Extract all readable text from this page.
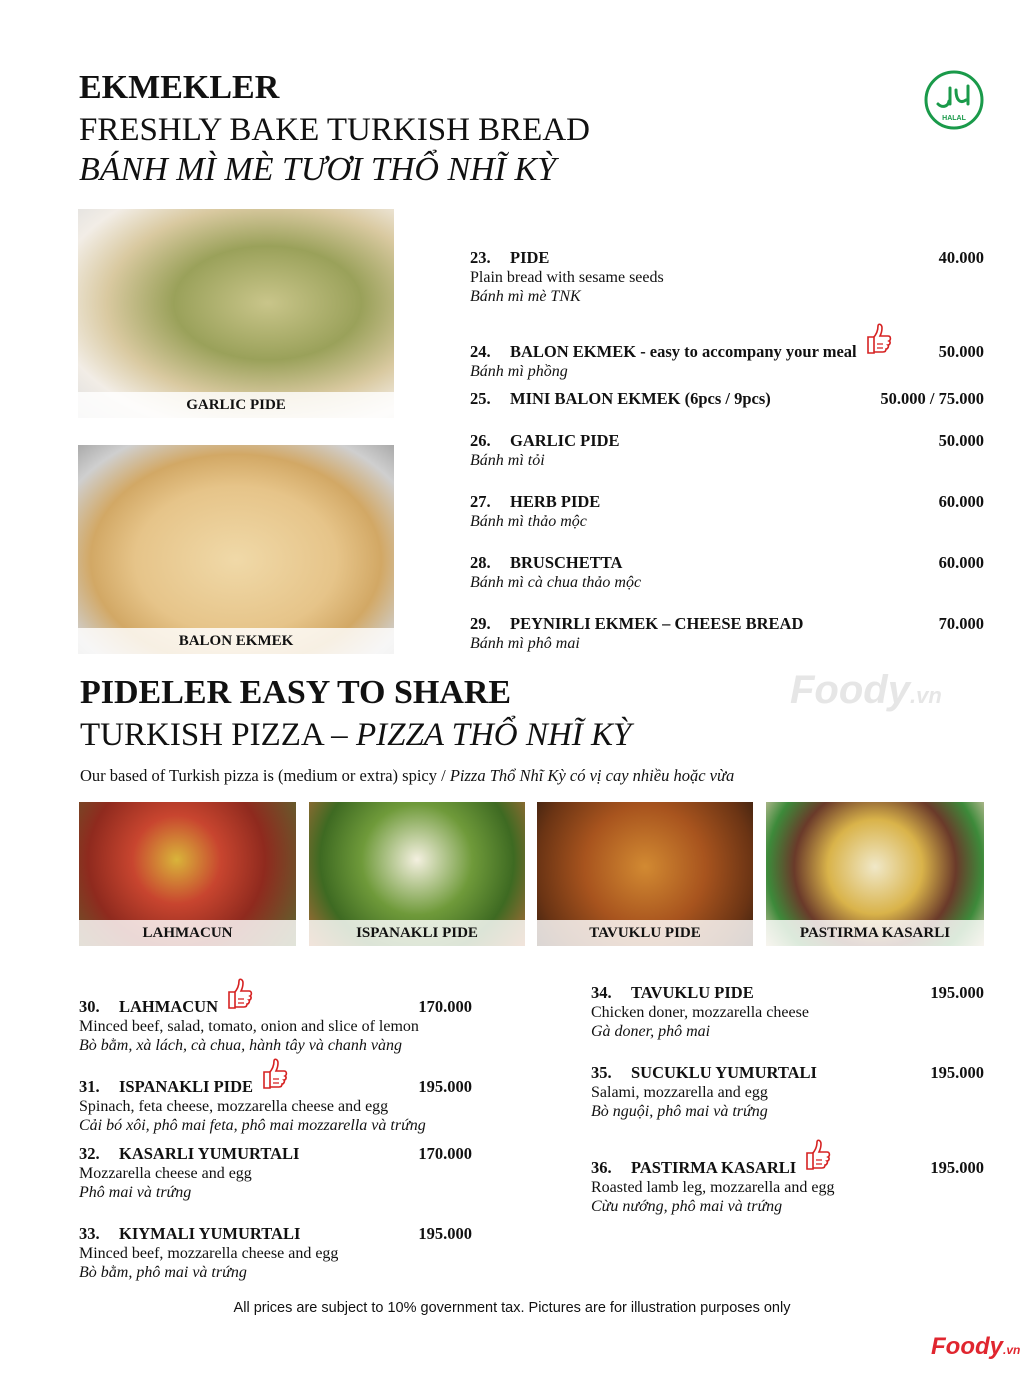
EKMEKLER
FRESHLY BAKE TURKISH BREAD
BÁNH MÌ MÈ TƯƠI THỔ NHĨ KỲ
HALAL
GARLIC PIDE
BALON EKMEK
23.	PIDE	40.000
Plain bread with sesame seeds
Bánh mì mè TNK
24.	BALON EKMEK - easy to accompany your meal	50.000
Bánh mì phồng
25.	MINI BALON EKMEK (6pcs / 9pcs)	50.000 / 75.000
26.	GARLIC PIDE	50.000
Bánh mì tỏi
27.	HERB PIDE	60.000
Bánh mì thảo mộc
28.	BRUSCHETTA	60.000
Bánh mì cà chua thảo mộc
29.	PEYNIRLI EKMEK – CHEESE BREAD	70.000
Bánh mì phô mai
Foody.vn
PIDELER EASY TO SHARE
TURKISH PIZZA – PIZZA THỔ NHĨ KỲ
Our based of Turkish pizza is (medium or extra) spicy / Pizza Thổ Nhĩ Kỳ có vị cay nhiều hoặc vừa
LAHMACUN	ISPANAKLI PIDE	TAVUKLU PIDE	PASTIRMA KASARLI
30.	LAHMACUN	170.000
Minced beef, salad, tomato, onion and slice of lemon
Bò bằm, xà lách, cà chua, hành tây và chanh vàng
31.	ISPANAKLI PIDE	195.000
Spinach, feta cheese, mozzarella cheese and egg
Cải bó xôi, phô mai feta, phô mai mozzarella và trứng
32.	KASARLI YUMURTALI	170.000
Mozzarella cheese and egg
Phô mai và trứng
33.	KIYMALI YUMURTALI	195.000
Minced beef, mozzarella cheese and egg
Bò bằm, phô mai và trứng
34.	TAVUKLU PIDE	195.000
Chicken doner, mozzarella cheese
Gà doner, phô mai
35.	SUCUKLU YUMURTALI	195.000
Salami, mozzarella and egg
Bò nguội, phô mai và trứng
36.	PASTIRMA KASARLI	195.000
Roasted lamb leg, mozzarella and egg
Cừu nướng, phô mai và trứng
All prices are subject to 10% government tax. Pictures are for illustration purposes only
Foody.vn
